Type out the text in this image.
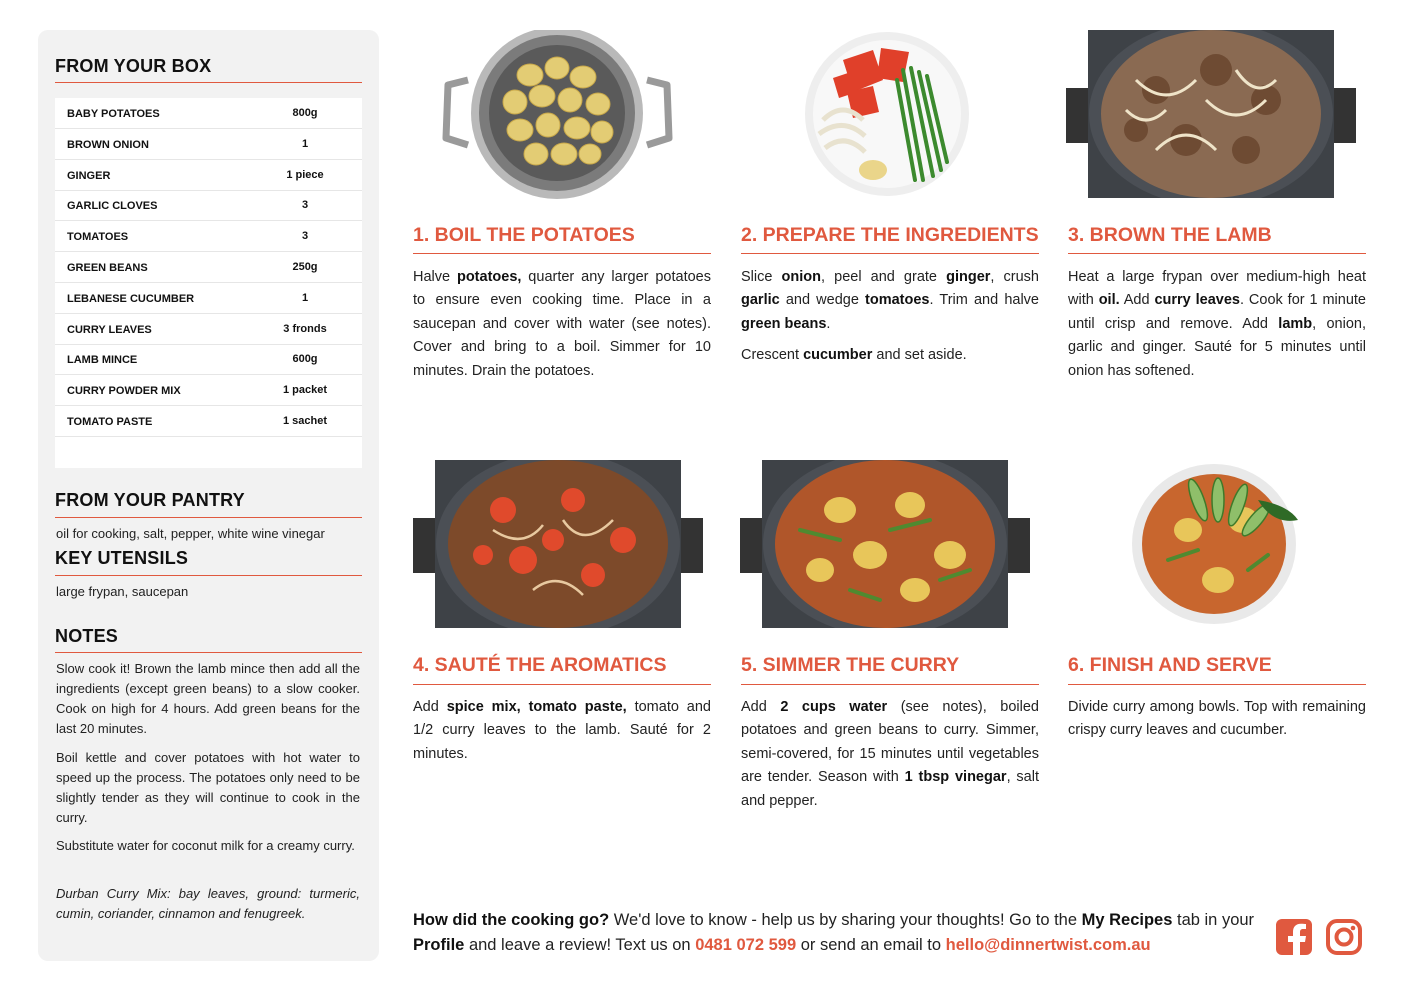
FROM YOUR BOX
BABY POTATOES	800g
BROWN ONION	1
GINGER	1 piece
GARLIC CLOVES	3
TOMATOES	3
GREEN BEANS	250g
LEBANESE CUCUMBER	1
CURRY LEAVES	3 fronds
LAMB MINCE	600g
CURRY POWDER MIX	1 packet
TOMATO PASTE	1 sachet
FROM YOUR PANTRY
oil for cooking, salt, pepper, white wine vinegar
KEY UTENSILS
large frypan, saucepan
NOTES
Slow cook it! Brown the lamb mince then add all the ingredients (except green beans) to a slow cooker. Cook on high for 4 hours. Add green beans for the last 20 minutes.
Boil kettle and cover potatoes with hot water to speed up the process. The potatoes only need to be slightly tender as they will continue to cook in the curry.
Substitute water for coconut milk for a creamy curry.
Durban Curry Mix: bay leaves, ground: turmeric, cumin, coriander, cinnamon and fenugreek.
1. BOIL THE POTATOES

Halve potatoes, quarter any larger potatoes to ensure even cooking time. Place in a saucepan and cover with water (see notes). Cover and bring to a boil. Simmer for 10 minutes. Drain the potatoes.

2. PREPARE THE INGREDIENTS

Slice onion, peel and grate ginger, crush garlic and wedge tomatoes. Trim and halve green beans.

Crescent cucumber and set aside.

3. BROWN THE LAMB

Heat a large frypan over medium-high heat with oil. Add curry leaves. Cook for 1 minute until crisp and remove. Add lamb, onion, garlic and ginger. Sauté for 5 minutes until onion has softened.

4. SAUTÉ THE AROMATICS

Add spice mix, tomato paste, tomato and 1/2 curry leaves to the lamb. Sauté for 2 minutes.

5. SIMMER THE CURRY

Add 2 cups water (see notes), boiled potatoes and green beans to curry. Simmer, semi-covered, for 15 minutes until vegetables are tender. Season with 1 tbsp vinegar, salt and pepper.

6. FINISH AND SERVE

Divide curry among bowls. Top with remaining crispy curry leaves and cucumber.

How did the cooking go? We'd love to know - help us by sharing your thoughts! Go to the My Recipes tab in your Profile and leave a review! Text us on 0481 072 599 or send an email to hello@dinnertwist.com.au
